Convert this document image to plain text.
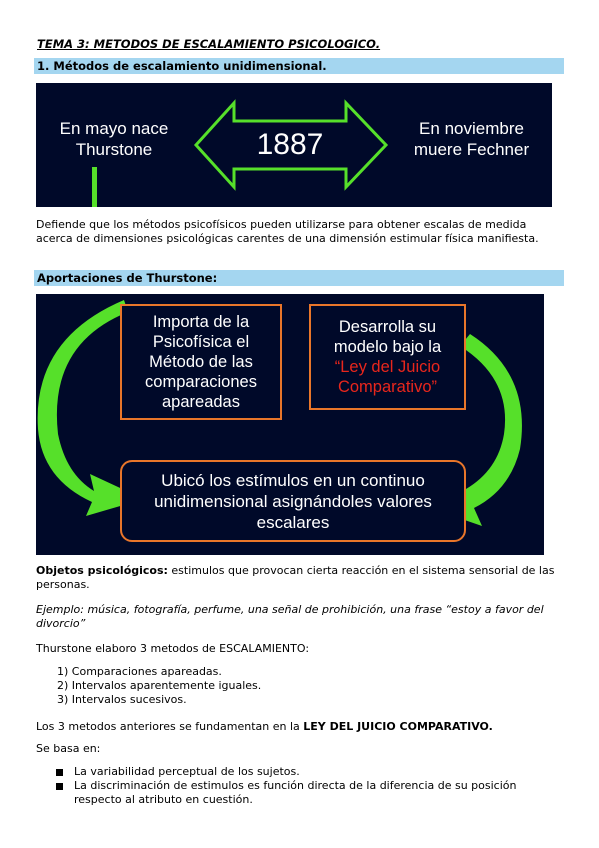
TEMA 3: METODOS DE ESCALAMIENTO PSICOLOGICO.
1. Métodos de escalamiento unidimensional.
En mayo nace
Thurstone	1887	En noviembre
muere Fechner

Defiende que los métodos psicofísicos pueden utilizarse para obtener escalas de medida acerca de dimensiones psicológicas carentes de una dimensión estimular física manifiesta.

Aportaciones de Thurstone:
Importa de la
Psicofísica el
Método de las
comparaciones
apareadas
Desarrolla su
modelo bajo la
“Ley del Juicio
Comparativo”
Ubicó los estímulos en un continuo
unidimensional asignándoles valores
escalares

Objetos psicológicos: estimulos que provocan cierta reacción en el sistema sensorial de las personas.

Ejemplo: música, fotografía, perfume, una señal de prohibición, una frase “estoy a favor del divorcio”

Thurstone elaboro 3 metodos de ESCALAMIENTO:

1) Comparaciones apareadas.
2) Intervalos aparentemente iguales.
3) Intervalos sucesivos.

Los 3 metodos anteriores se fundamentan en la LEY DEL JUICIO COMPARATIVO.

Se basa en:

La variabilidad perceptual de los sujetos.
La discriminación de estimulos es función directa de la diferencia de su posición respecto al atributo en cuestión.
